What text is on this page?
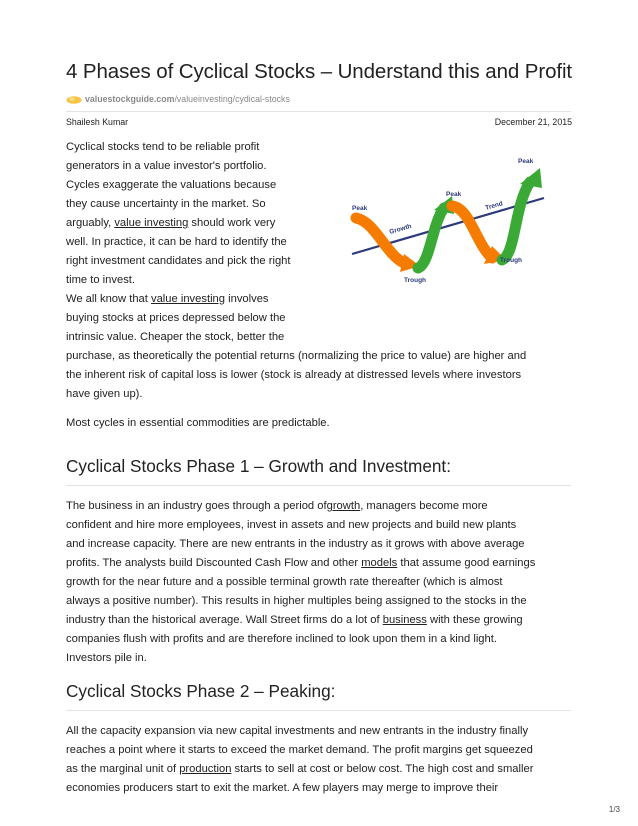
4 Phases of Cyclical Stocks – Understand this and Profit
valuestockguide.com /valueinvesting/cydical-stocks
Shailesh Kumar	December 21, 2015
Cyclical stocks tend to be reliable profit
generators in a value investor's portfolio.
Cycles exaggerate the valuations because
they cause uncertainty in the market. So
arguably, value investing should work very
well. In practice, it can be hard to identify the
right investment candidates and pick the right
time to invest.
We all know that value investing involves
buying stocks at prices depressed below the
intrinsic value. Cheaper the stock, better the
purchase, as theoretically the potential returns (normalizing the price to value) are higher and
the inherent risk of capital loss is lower (stock is already at distressed levels where investors
have given up).
Most cycles in essential commodities are predictable.
Peak
Growth
Trough
Peak
Trend
Trough
Peak
Cyclical Stocks Phase 1 – Growth and Investment:
The business in an industry goes through a period ofgrowth, managers become more
confident and hire more employees, invest in assets and new projects and build new plants
and increase capacity. There are new entrants in the industry as it grows with above average
profits. The analysts build Discounted Cash Flow and other models that assume good earnings
growth for the near future and a possible terminal growth rate thereafter (which is almost
always a positive number). This results in higher multiples being assigned to the stocks in the
industry than the historical average. Wall Street firms do a lot of business with these growing
companies flush with profits and are therefore inclined to look upon them in a kind light.
Investors pile in.
Cyclical Stocks Phase 2 – Peaking:
All the capacity expansion via new capital investments and new entrants in the industry finally
reaches a point where it starts to exceed the market demand. The profit margins get squeezed
as the marginal unit of production starts to sell at cost or below cost. The high cost and smaller
economies producers start to exit the market. A few players may merge to improve their
1/3
